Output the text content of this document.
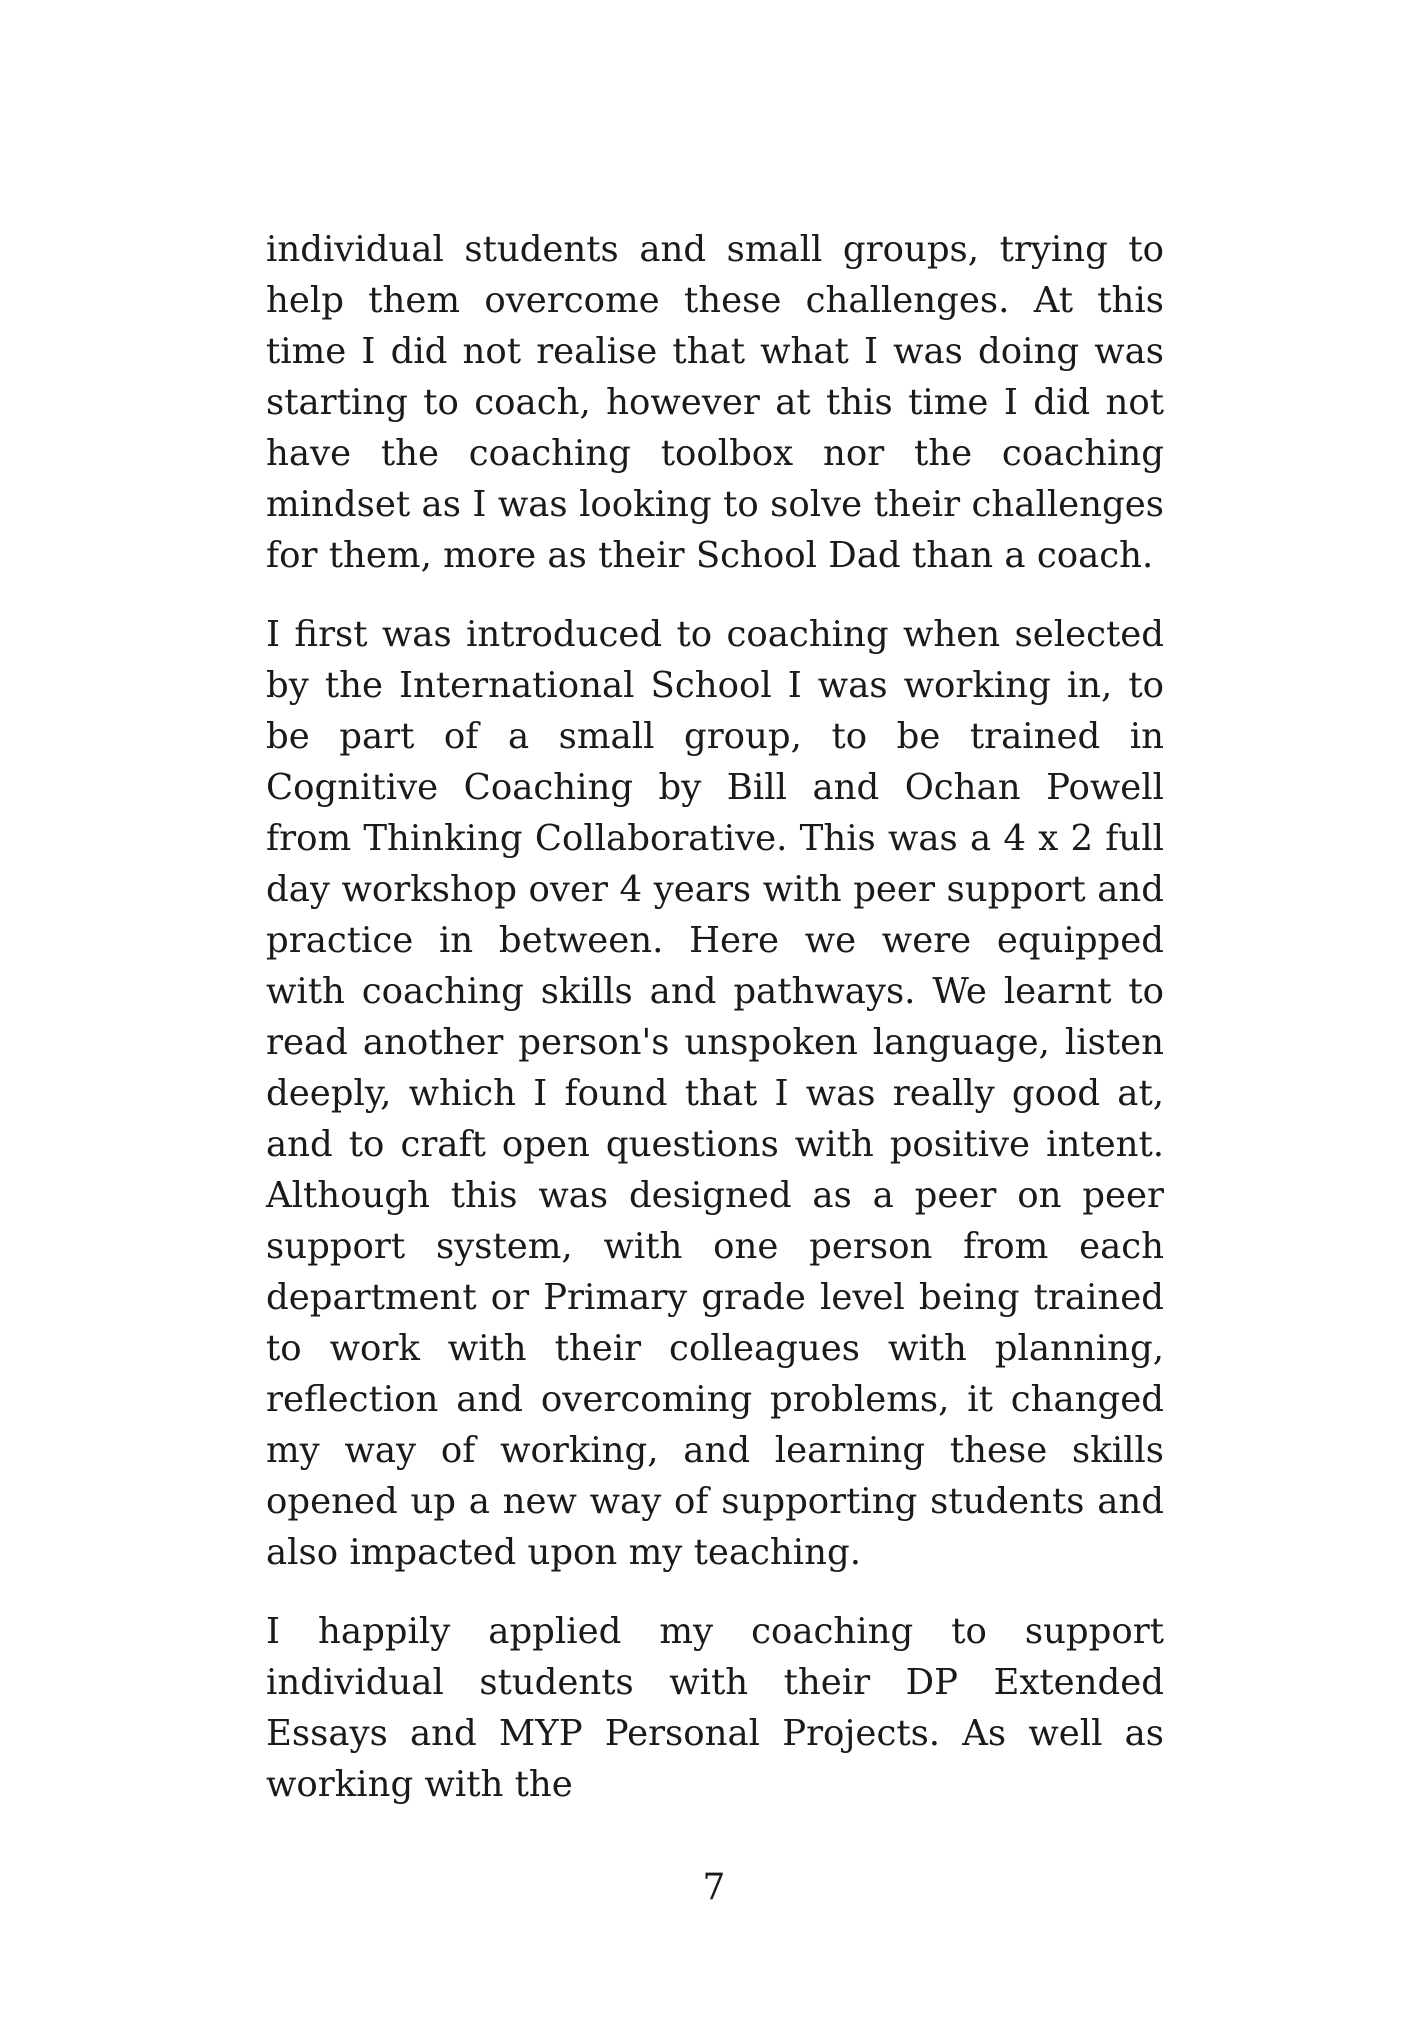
individual students and small groups, trying to help them overcome these challenges. At this time I did not realise that what I was doing was starting to coach, however at this time I did not have the coaching toolbox nor the coaching mindset as I was looking to solve their challenges for them, more as their School Dad than a coach.

I first was introduced to coaching when selected by the International School I was working in, to be part of a small group, to be trained in Cognitive Coaching by Bill and Ochan Powell from Thinking Collaborative. This was a 4 x 2 full day workshop over 4 years with peer support and practice in between. Here we were equipped with coaching skills and pathways. We learnt to read another person's unspoken language, listen deeply, which I found that I was really good at, and to craft open questions with positive intent. Although this was designed as a peer on peer support system, with one person from each department or Primary grade level being trained to work with their colleagues with planning, reflection and overcoming problems, it changed my way of working, and learning these skills opened up a new way of supporting students and also impacted upon my teaching.

I happily applied my coaching to support individual students with their DP Extended Essays and MYP Personal Projects. As well as working with the

7
